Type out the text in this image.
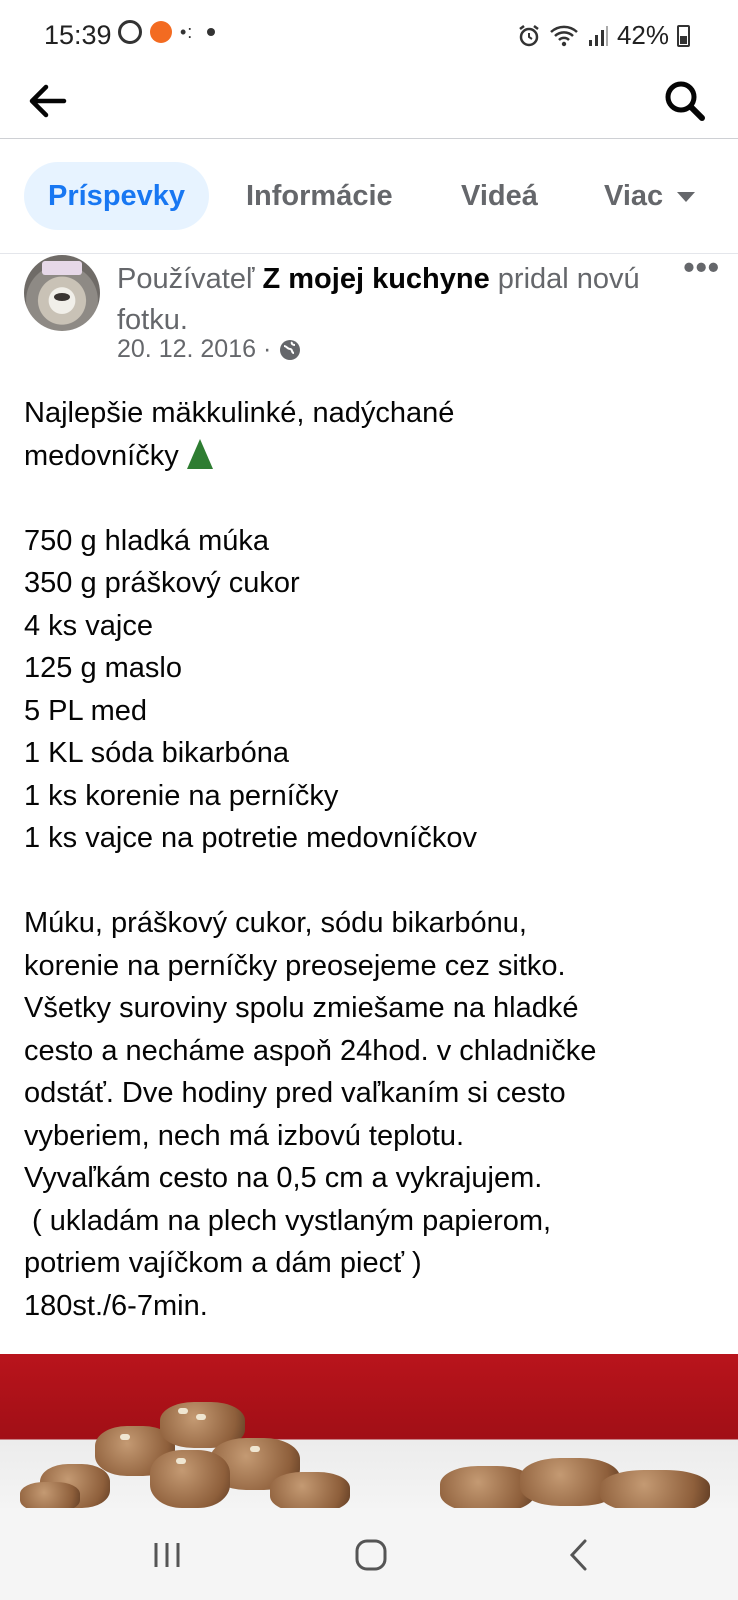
15:39	•:	42%
Príspevky	Informácie Videá Viac
Používateľ Z mojej kuchyne pridal novú fotku.
20. 12. 2016 ·
•••

Najlepšie mäkkulinké, nadýchané

medovníčky

750 g hladká múka

350 g práškový cukor

4 ks vajce

125 g maslo

5 PL med

1 KL sóda bikarbóna

1 ks korenie na perníčky

1 ks vajce na potretie medovníčkov

Múku, práškový cukor, sódu bikarbónu,

korenie na perníčky preosejeme cez sitko.

Všetky suroviny spolu zmiešame na hladké

cesto a necháme aspoň 24hod. v chladničke

odstáť. Dve hodiny pred vaľkaním si cesto

vyberiem, nech má izbovú teplotu.

Vyvaľkám cesto na 0,5 cm a vykrajujem.

( ukladám na plech vystlaným papierom,

potriem vajíčkom a dám piecť )

180st./6-7min.
